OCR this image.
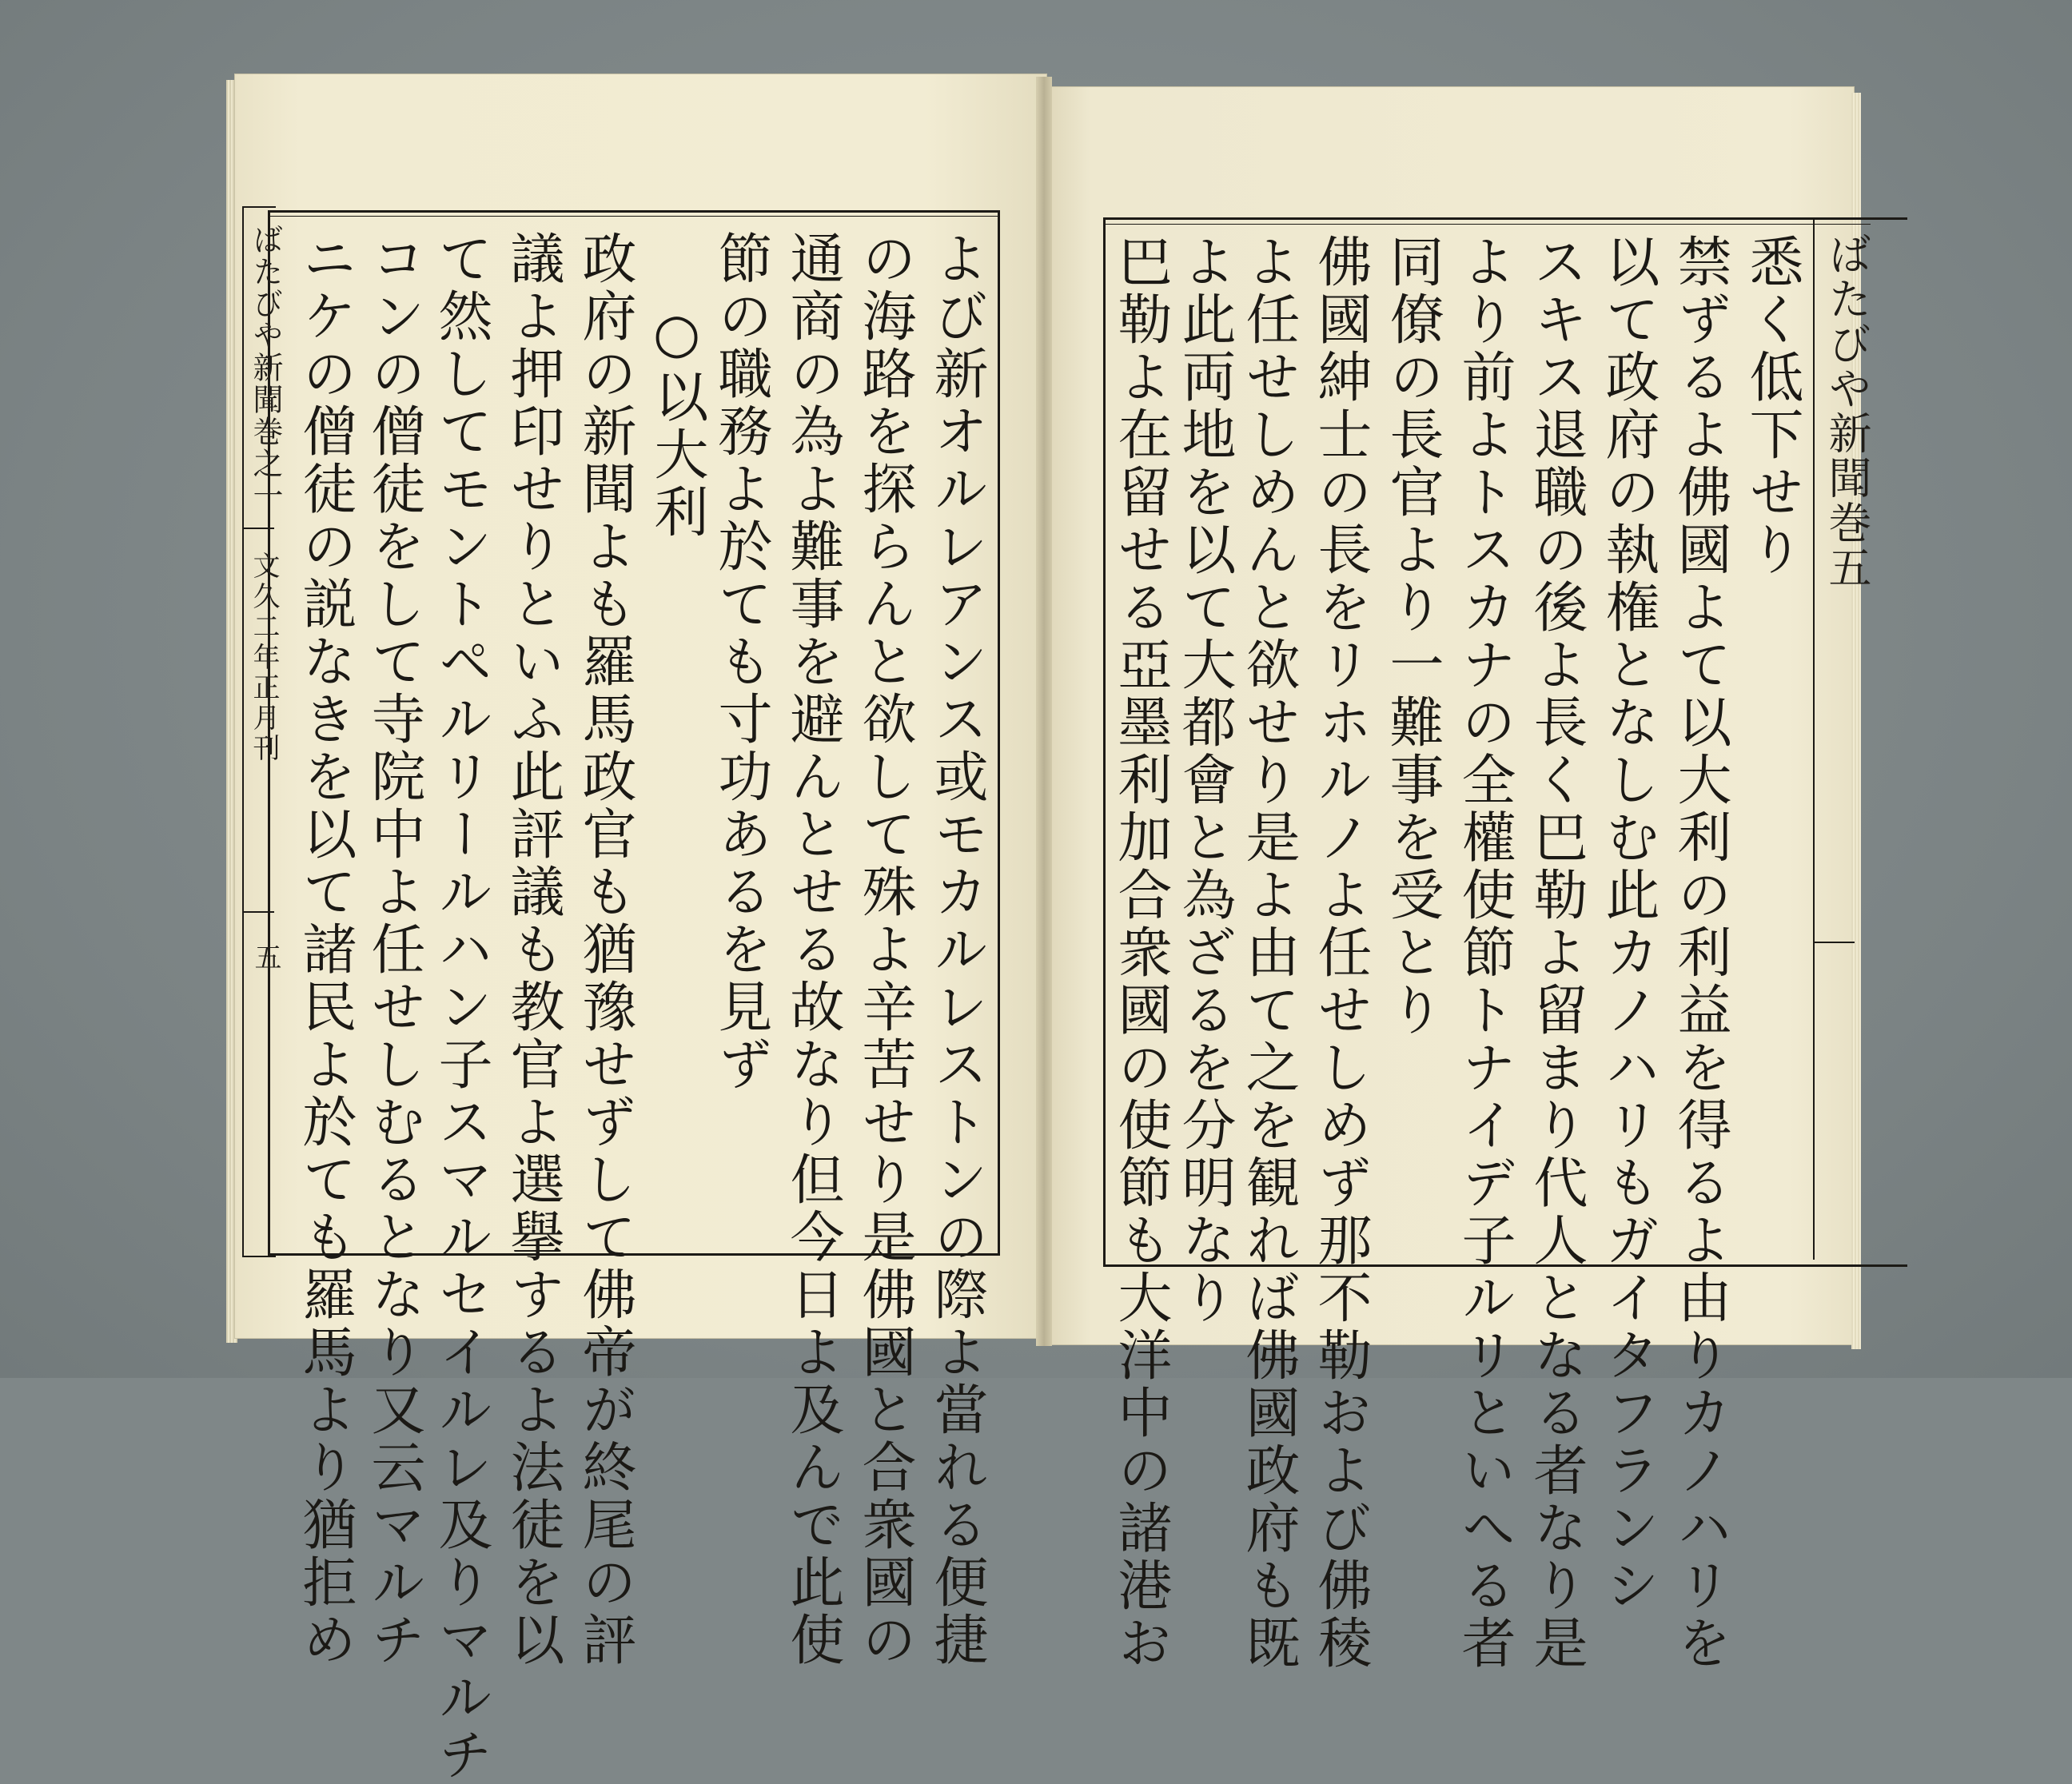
ばたびや新聞巻之一
文久二年正月刊
五	よび新オルレアンス或モカルレストンの際よ當れる便捷
の海路を探らんと欲して殊よ辛苦せり是佛國と合衆國の
通商の為よ難事を避んとせる故なり但今日よ及んで此使
節の職務よ於ても寸功あるを見ず
○以大利
政府の新聞よも羅馬政官も猶豫せずして佛帝が終尾の評
議よ押印せりといふ此評議も教官よ選擧するよ法徒を以
て然してモントペルリールハン子スマルセイルレ及りマルチ
コンの僧徒をして寺院中よ任せしむるとなり又云マルチ
ニケの僧徒の説なきを以て諸民よ於ても羅馬より猶拒め	ばたびや新聞巻五
悉く低下せり
禁ずるよ佛國よて以大利の利益を得るよ由りカノハリを
以て政府の執権となしむ此カノハリもガイタフランシ
スキス退職の後よ長く巴勒よ留まり代人となる者なり是
より前よトスカナの全權使節トナイデ子ルリといへる者
同僚の長官より一難事を受とり
佛國紳士の長をリホルノよ任せしめず那不勒および佛稜
よ任せしめんと欲せり是よ由て之を観れば佛國政府も既
よ此両地を以て大都會と為ざるを分明なり
巴勒よ在留せる亞墨利加合衆國の使節も大洋中の諸港お
